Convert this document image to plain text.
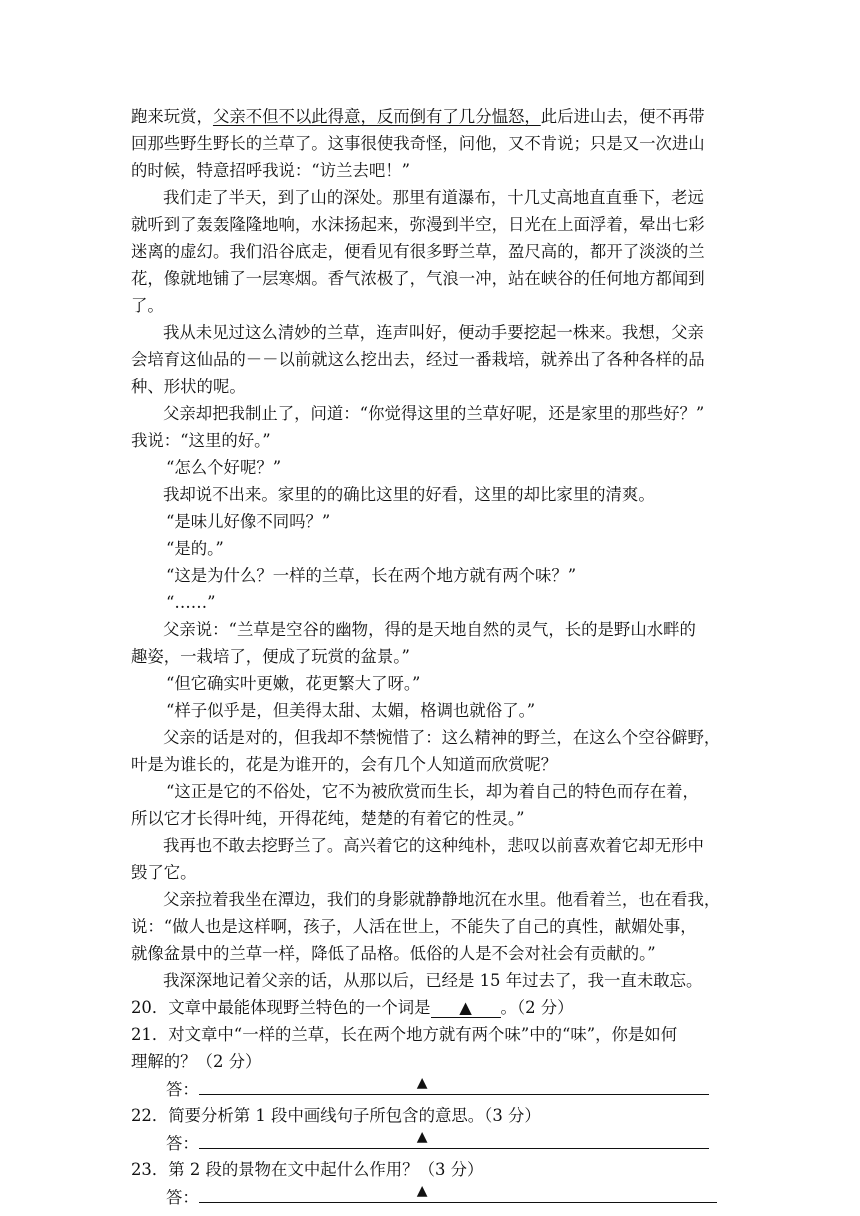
跑来玩赏，父亲不但不以此得意，反而倒有了几分愠怒，此后进山去，便不再带
回那些野生野长的兰草了。这事很使我奇怪，问他，又不肯说；只是又一次进山
的时候，特意招呼我说：“访兰去吧！”
我们走了半天，到了山的深处。那里有道瀑布，十几丈高地直直垂下，老远
就听到了轰轰隆隆地响，水沫扬起来，弥漫到半空，日光在上面浮着，晕出七彩
迷离的虚幻。我们沿谷底走，便看见有很多野兰草，盈尺高的，都开了淡淡的兰
花，像就地铺了一层寒烟。香气浓极了，气浪一冲，站在峡谷的任何地方都闻到
了。
我从未见过这么清妙的兰草，连声叫好，便动手要挖起一株来。我想，父亲
会培育这仙品的－－以前就这么挖出去，经过一番栽培，就养出了各种各样的品
种、形状的呢。
父亲却把我制止了，问道：“你觉得这里的兰草好呢，还是家里的那些好？”
我说：“这里的好。”
“怎么个好呢？”
我却说不出来。家里的的确比这里的好看，这里的却比家里的清爽。
“是味儿好像不同吗？”
“是的。”
“这是为什么？一样的兰草，长在两个地方就有两个味？”
“……”
父亲说：“兰草是空谷的幽物，得的是天地自然的灵气，长的是野山水畔的
趣姿，一栽培了，便成了玩赏的盆景。”
“但它确实叶更嫩，花更繁大了呀。”
“样子似乎是，但美得太甜、太媚，格调也就俗了。”
父亲的话是对的，但我却不禁惋惜了：这么精神的野兰，在这么个空谷僻野，
叶是为谁长的，花是为谁开的，会有几个人知道而欣赏呢？
“这正是它的不俗处，它不为被欣赏而生长，却为着自己的特色而存在着，
所以它才长得叶纯，开得花纯，楚楚的有着它的性灵。”
我再也不敢去挖野兰了。高兴着它的这种纯朴，悲叹以前喜欢着它却无形中
毁了它。
父亲拉着我坐在潭边，我们的身影就静静地沉在水里。他看着兰，也在看我，
说：“做人也是这样啊，孩子，人活在世上，不能失了自己的真性，献媚处事，
就像盆景中的兰草一样，降低了品格。低俗的人是不会对社会有贡献的。”
我深深地记着父亲的话，从那以后，已经是 15 年过去了，我一直未敢忘。
20．文章中最能体现野兰特色的一个词是 ▲ 。（2 分）
21．对文章中“一样的兰草，长在两个地方就有两个味”中的“味”，你是如何
理解的？（2 分）
答：	▲
22．简要分析第 1 段中画线句子所包含的意思。（3 分）
答：	▲
23．第 2 段的景物在文中起什么作用？（3 分）
答：	▲
